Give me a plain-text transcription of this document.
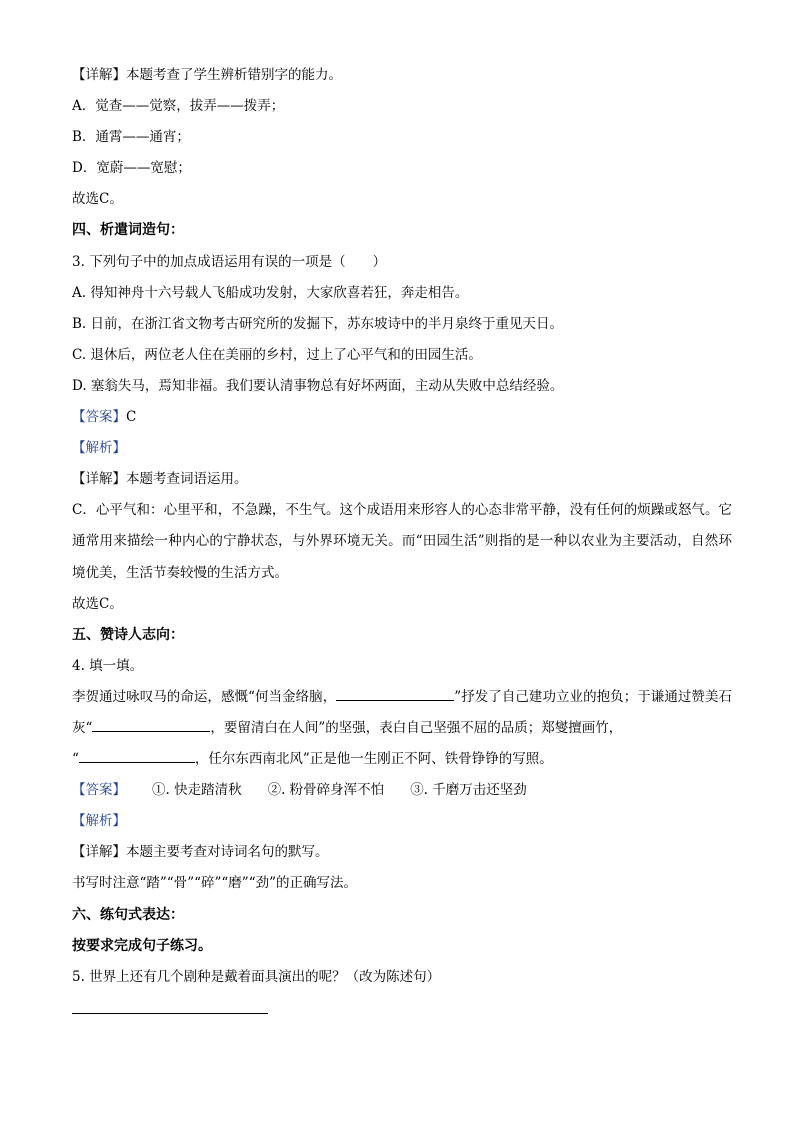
【详解】本题考查了学生辨析错别字的能力。
A．觉查——觉察，拔弄——拨弄；
B．通霄——通宵；
D．宽蔚——宽慰；
故选C。
四、析遣词造句：
3. 下列句子中的加点成语运用有误的一项是（　　）
A. 得知神舟十六号载人飞船成功发射，大家欣喜若狂，奔走相告。
B. 日前，在浙江省文物考古研究所的发掘下，苏东坡诗中的半月泉终于重见天日。
C. 退休后，两位老人住在美丽的乡村，过上了心平气和的田园生活。
D. 塞翁失马，焉知非福。我们要认清事物总有好坏两面，主动从失败中总结经验。
【答案】C
【解析】
【详解】本题考查词语运用。
C．心平气和：心里平和，不急躁，不生气。这个成语用来形容人的心态非常平静，没有任何的烦躁或怒气。它通常用来描绘一种内心的宁静状态，与外界环境无关。而“田园生活”则指的是一种以农业为主要活动，自然环境优美，生活节奏较慢的生活方式。
故选C。
五、赞诗人志向：
4. 填一填。
李贺通过咏叹马的命运，感慨“何当金络脑，	”抒发了自己建功立业的抱负；于谦通过赞美石灰“	，要留清白在人间”的坚强，表白自己坚强不屈的品质；郑燮擅画竹，
“	，任尔东西南北风”正是他一生刚正不阿、铁骨铮铮的写照。
【答案】 ①. 快走踏清秋 ②. 粉骨碎身浑不怕 ③. 千磨万击还坚劲
【解析】
【详解】本题主要考查对诗词名句的默写。
书写时注意“踏”“骨”“碎”“磨”“劲”的正确写法。
六、练句式表达：
按要求完成句子练习。
5. 世界上还有几个剧种是戴着面具演出的呢？（改为陈述句）
